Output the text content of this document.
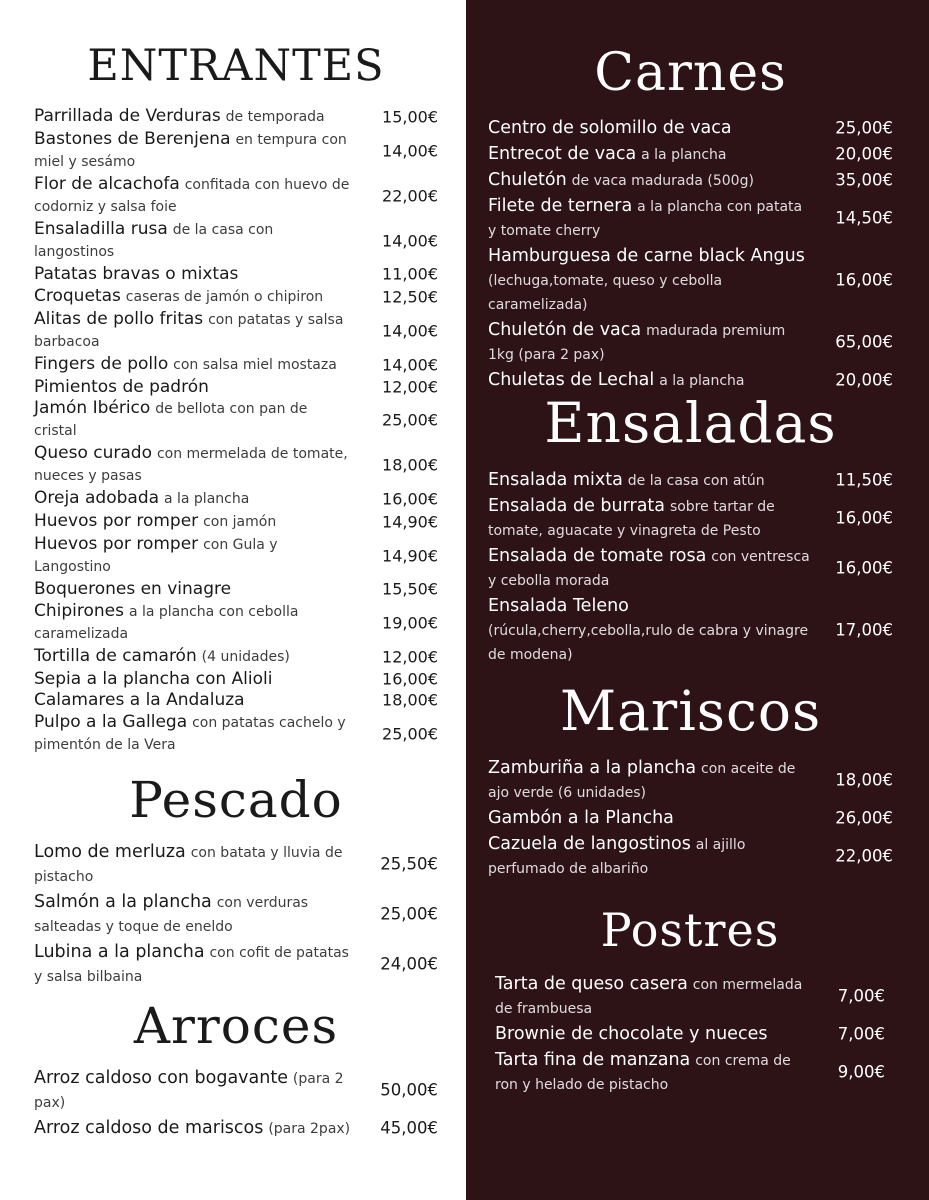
ENTRANTES
Parrillada de Verduras de temporada	15,00€
Bastones de Berenjena en tempura con miel y sesámo
14,00€
Flor de alcachofa confitada con huevo de codorniz y salsa foie
22,00€
Ensaladilla rusa de la casa con langostinos
14,00€
Patatas bravas o mixtas	11,00€
Croquetas caseras de jamón o chipiron	12,50€
Alitas de pollo fritas con patatas y salsa barbacoa
14,00€
Fingers de pollo con salsa miel mostaza	14,00€
Pimientos de padrón	12,00€
Jamón Ibérico de bellota con pan de cristal
25,00€
Queso curado con mermelada de tomate, nueces y pasas
18,00€
Oreja adobada a la plancha	16,00€
Huevos por romper con jamón	14,90€
Huevos por romper con Gula y Langostino
14,90€
Boquerones en vinagre	15,50€
Chipirones a la plancha con cebolla caramelizada
19,00€
Tortilla de camarón (4 unidades)	12,00€
Sepia a la plancha con Alioli	16,00€
Calamares a la Andaluza	18,00€
Pulpo a la Gallega con patatas cachelo y pimentón de la Vera
25,00€
Pescado
Lomo de merluza con batata y lluvia de pistacho
25,50€
Salmón a la plancha con verduras salteadas y toque de eneldo
25,00€
Lubina a la plancha con cofit de patatas y salsa bilbaina
24,00€
Arroces
Arroz caldoso con bogavante (para 2 pax)
50,00€
Arroz caldoso de mariscos (para 2pax)	45,00€
Carnes
Centro de solomillo de vaca	25,00€
Entrecot de vaca a la plancha	20,00€
Chuletón de vaca madurada (500g)	35,00€
Filete de ternera a la plancha con patata y tomate cherry
14,50€
Hamburguesa de carne black Angus (lechuga,tomate, queso y cebolla caramelizada)
16,00€
Chuletón de vaca madurada premium 1kg (para 2 pax)
65,00€
Chuletas de Lechal a la plancha	20,00€
Ensaladas
Ensalada mixta de la casa con atún	11,50€
Ensalada de burrata sobre tartar de tomate, aguacate y vinagreta de Pesto
16,00€
Ensalada de tomate rosa con ventresca y cebolla morada
16,00€
Ensalada Teleno (rúcula,cherry,cebolla,rulo de cabra y vinagre de modena)
17,00€
Mariscos
Zamburiña a la plancha con aceite de ajo verde (6 unidades)
18,00€
Gambón a la Plancha	26,00€
Cazuela de langostinos al ajillo perfumado de albariño
22,00€
Postres
Tarta de queso casera con mermelada de frambuesa
7,00€
Brownie de chocolate y nueces	7,00€
Tarta fina de manzana con crema de ron y helado de pistacho
9,00€
